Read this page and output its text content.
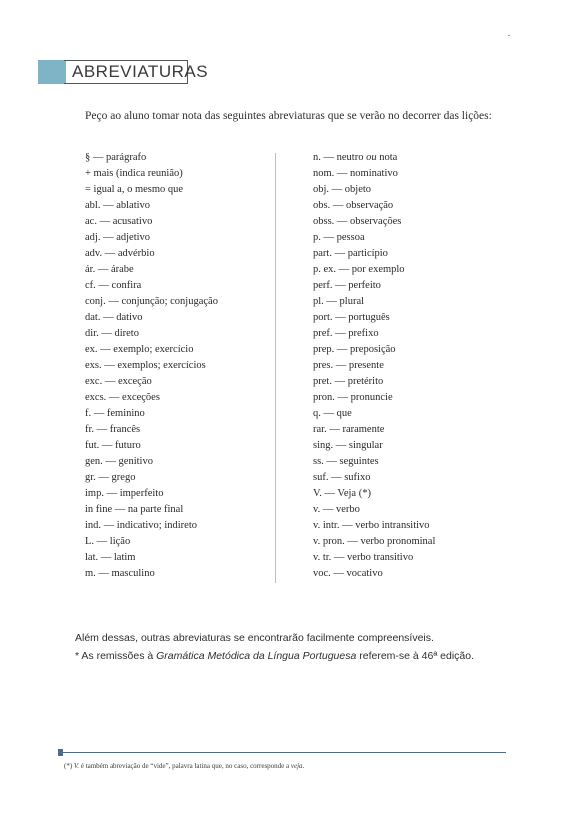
ABREVIATURAS
Peço ao aluno tomar nota das seguintes abreviaturas que se verão no decorrer das lições:
§ — parágrafo
+ mais (indica reunião)
= igual a, o mesmo que
abl. — ablativo
ac. — acusativo
adj. — adjetivo
adv. — advérbio
ár. — árabe
cf. — confira
conj. — conjunção; conjugação
dat. — dativo
dir. — direto
ex. — exemplo; exercício
exs. — exemplos; exercícios
exc. — exceção
excs. — exceções
f. — feminino
fr. — francês
fut. — futuro
gen. — genitivo
gr. — grego
imp. — imperfeito
in fine — na parte final
ind. — indicativo; indireto
L. — lição
lat. — latim
m. — masculino
n. — neutro ou nota
nom. — nominativo
obj. — objeto
obs. — observação
obss. — observações
p. — pessoa
part. — particípio
p. ex. — por exemplo
perf. — perfeito
pl. — plural
port. — português
pref. — prefixo
prep. — preposição
pres. — presente
pret. — pretérito
pron. — pronuncie
q. — que
rar. — raramente
sing. — singular
ss. — seguintes
suf. — sufixo
V. — Veja (*)
v. — verbo
v. intr. — verbo intransitivo
v. pron. — verbo pronominal
v. tr. — verbo transitivo
voc. — vocativo
Além dessas, outras abreviaturas se encontrarão facilmente compreensíveis.
* As remissões à Gramática Metódica da Língua Portuguesa referem-se à 46ª edição.
(*) V. é também abreviação de “vide”, palavra latina que, no caso, corresponde a veja.
